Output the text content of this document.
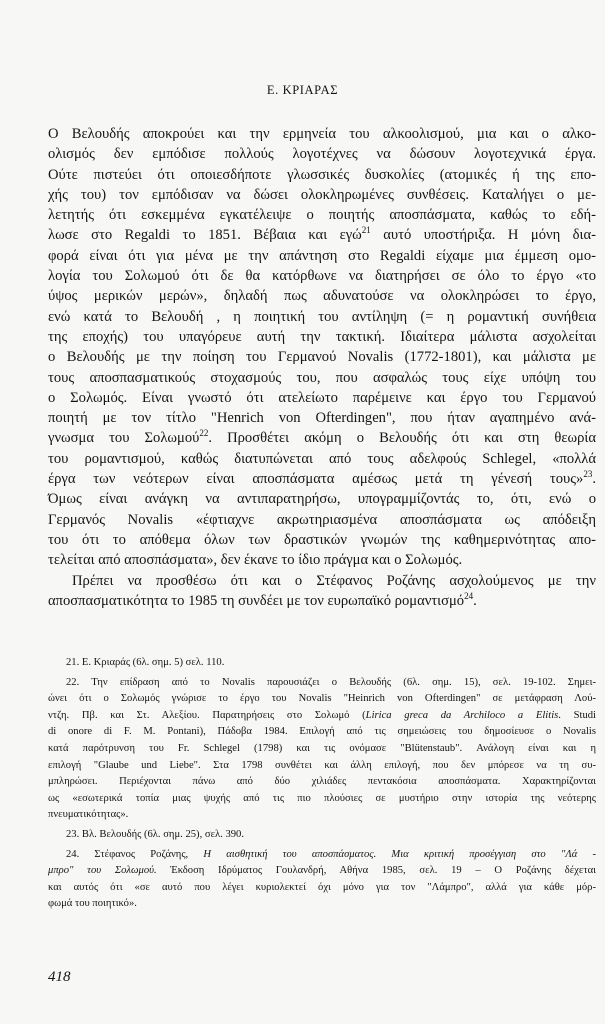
Ε. ΚΡΙΑΡΑΣ

Ο Βελουδής αποκρούει και την ερμηνεία του αλκοολισμού, μια και ο αλκο-
ολισμός δεν εμπόδισε πολλούς λογοτέχνες να δώσουν λογοτεχνικά έργα.
Ούτε πιστεύει ότι οποιεσδήποτε γλωσσικές δυσκολίες (ατομικές ή της επο-
χής του) τον εμπόδισαν να δώσει ολοκληρωμένες συνθέσεις. Καταλήγει ο με-
λετητής ότι εσκεμμένα εγκατέλειψε ο ποιητής αποσπάσματα, καθώς το εδή-
λωσε στο Regaldi το 1851. Βέβαια και εγώ$^{21}$ αυτό υποστήριξα. Η μόνη δια-
φορά είναι ότι για μένα με την απάντηση στο Regaldi είχαμε μια έμμεση ομο-
λογία του Σολωμού ότι δε θα κατόρθωνε να διατηρήσει σε όλο το έργο «το
ύψος μερικών μερών», δηλαδή πως αδυνατούσε να ολοκληρώσει το έργο,
ενώ κατά το Βελουδή , η ποιητική του αντίληψη (= η ρομαντική συνήθεια
της εποχής) του υπαγόρευε αυτή την τακτική. Ιδιαίτερα μάλιστα ασχολείται
ο Βελουδής με την ποίηση του Γερμανού Novalis (1772-1801), και μάλιστα με
τους αποσπασματικούς στοχασμούς του, που ασφαλώς τους είχε υπόψη του
ο Σολωμός. Είναι γνωστό ότι ατελείωτο παρέμεινε και έργο του Γερμανού
ποιητή με τον τίτλο "Henrich von Ofterdingen", που ήταν αγαπημένο ανά-
γνωσμα του Σολωμού$^{22}$. Προσθέτει ακόμη ο Βελουδής ότι και στη θεωρία
του ρομαντισμού, καθώς διατυπώνεται από τους αδελφούς Schlegel, «πολλά
έργα των νεότερων είναι αποσπάσματα αμέσως μετά τη γένεσή τους»$^{23}$.
Όμως είναι ανάγκη να αντιπαρατηρήσω, υπογραμμίζοντάς το, ότι, ενώ ο
Γερμανός Novalis «έφτιαχνε ακρωτηριασμένα αποσπάσματα ως απόδειξη
του ότι το απόθεμα όλων των δραστικών γνωμών της καθημερινότητας απο-
τελείται από αποσπάσματα», δεν έκανε το ίδιο πράγμα και ο Σολωμός.

Πρέπει να προσθέσω ότι και ο Στέφανος Ροζάνης ασχολούμενος με την
αποσπασματικότητα το 1985 τη συνδέει με τον ευρωπαϊκό ρομαντισμό$^{24}$.

21. Ε. Κριαράς (6λ. σημ. 5) σελ. 110.
22. Την επίδραση από το Novalis παρουσιάζει ο Βελουδής (6λ. σημ. 15), σελ. 19-102. Σημει-
ώνει ότι ο Σολωμός γνώρισε το έργο του Novalis "Heinrich von Ofterdingen" σε μετάφραση Λού-
ντζη. Πβ. και Στ. Αλεξίου. Παρατηρήσεις στο Σολωμό (Lirica greca da Archiloco a Elitis. Studi
di onore di F. M. Pontani), Πάδοβα 1984. Επιλογή από τις σημειώσεις του δημοσίευσε ο Novalis
κατά παρότρυνση του Fr. Schlegel (1798) και τις ονόμασε "Blütenstaub". Ανάλογη είναι και η
επιλογή "Glaube und Liebe". Στα 1798 συνθέτει και άλλη επιλογή, που δεν μπόρεσε να τη συ-
μπληρώσει. Περιέχονται πάνω από δύο χιλιάδες πεντακόσια αποσπάσματα. Χαρακτηρίζονται
ως «εσωτερικά τοπία μιας ψυχής από τις πιο πλούσιες σε μυστήριο στην ιστορία της νεότερης
πνευματικότητας».
23. Βλ. Βελουδής (6λ. σημ. 25), σελ. 390.
24. Στέφανος Ροζάνης, Η αισθητική του αποσπάσματος. Μια κριτική προσέγγιση στο "Λά -
μπρο" του Σολωμού. Έκδοση Ιδρύματος Γουλανδρή, Αθήνα 1985, σελ. 19 – Ο Ροζάνης δέχεται
και αυτός ότι «σε αυτό που λέγει κυριολεκτεί όχι μόνο για τον "Λάμπρο", αλλά για κάθε μόρ-
φωμά του ποιητικό».
418
